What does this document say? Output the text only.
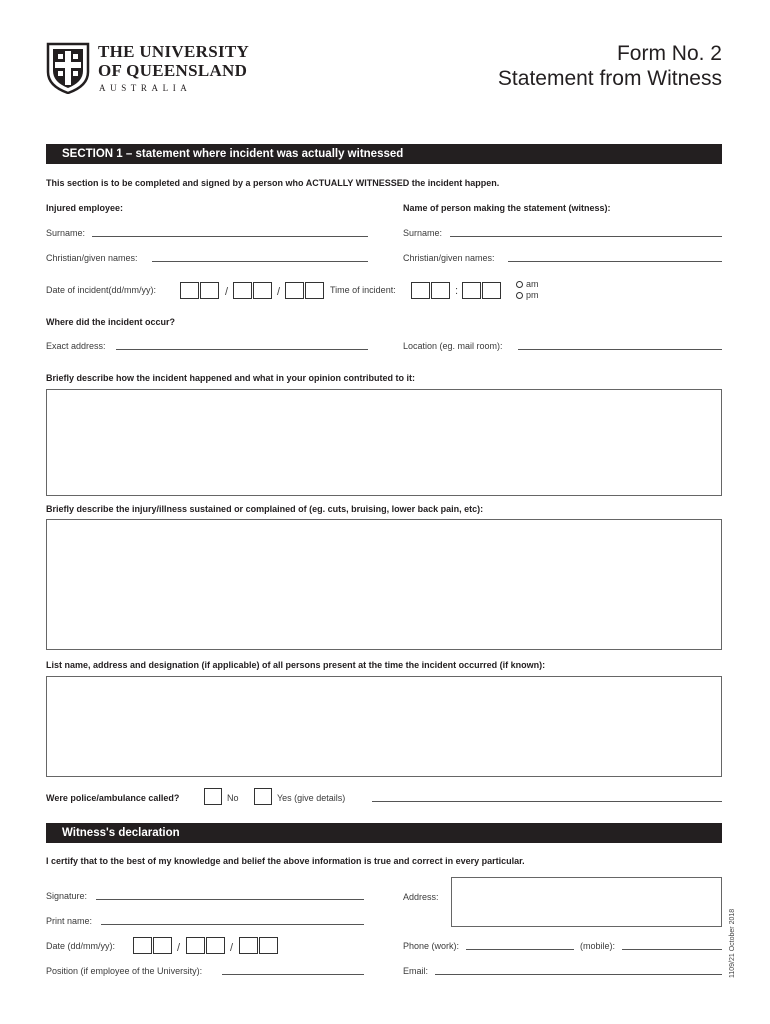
THE UNIVERSITY
OF QUEENSLAND
AUSTRALIA
Form No. 2
Statement from Witness
SECTION 1 – statement where incident was actually witnessed
This section is to be completed and signed by a person who ACTUALLY WITNESSED the incident happen.
Injured employee:	Name of person making the statement (witness):
Surname:	Surname:
Christian/given names:	Christian/given names:
Date of incident(dd/mm/yy):	/	/	Time of incident:	:
am
pm
Where did the incident occur?
Exact address:	Location (eg. mail room):
Briefly describe how the incident happened and what in your opinion contributed to it:
Briefly describe the injury/illness sustained or complained of (eg. cuts, bruising, lower back pain, etc):
List name, address and designation (if applicable) of all persons present at the time the incident occurred (if known):
Were police/ambulance called?	No	Yes (give details)
Witness's declaration
I certify that to the best of my knowledge and belief the above information is true and correct in every particular.
Signature:
Print name:
Date (dd/mm/yy):	/	/
Position (if employee of the University):
Address:
Phone (work):	(mobile):
Email:	1109/21 October 2018
